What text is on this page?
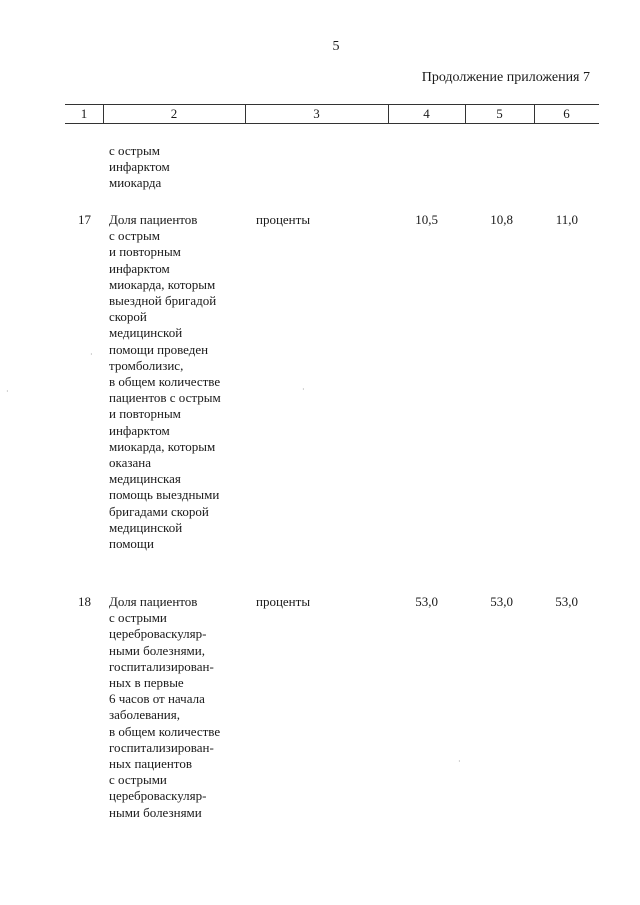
5
Продолжение приложения 7
1	2	3	4	5	6
с острым
инфарктом
миокарда
17 Доля пациентов
с острым
и повторным
инфарктом
миокарда, которым
выездной бригадой
скорой
медицинской
помощи проведен
тромболизис,
в общем количестве
пациентов с острым
и повторным
инфарктом
миокарда, которым
оказана
медицинская
помощь выездными
бригадами скорой
медицинской
помощи
проценты	10,5	10,8	11,0
18 Доля пациентов
с острыми
цереброваскуляр-
ными болезнями,
госпитализирован-
ных в первые
6 часов от начала
заболевания,
в общем количестве
госпитализирован-
ных пациентов
с острыми
цереброваскуляр-
ными болезнями
проценты	53,0	53,0	53,0
·
·	·
·
